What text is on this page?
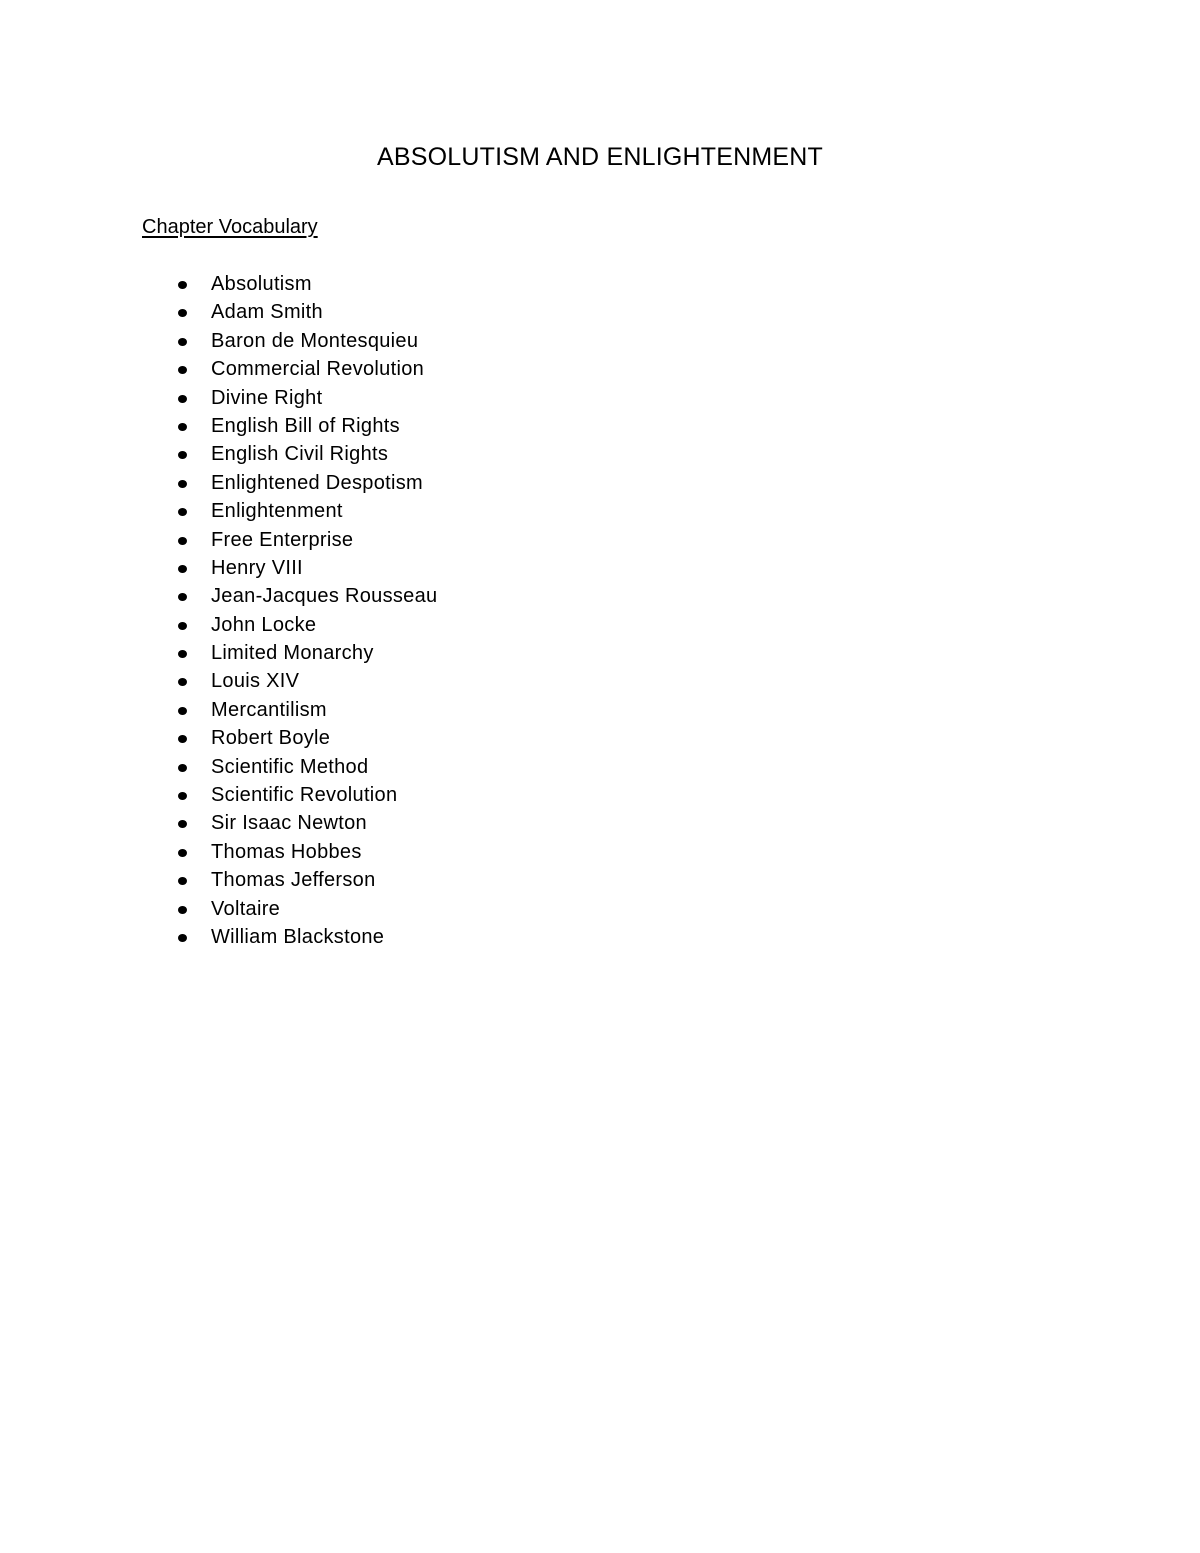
ABSOLUTISM AND ENLIGHTENMENT
Chapter Vocabulary
Absolutism
Adam Smith
Baron de Montesquieu
Commercial Revolution
Divine Right
English Bill of Rights
English Civil Rights
Enlightened Despotism
Enlightenment
Free Enterprise
Henry VIII
Jean-Jacques Rousseau
John Locke
Limited Monarchy
Louis XIV
Mercantilism
Robert Boyle
Scientific Method
Scientific Revolution
Sir Isaac Newton
Thomas Hobbes
Thomas Jefferson
Voltaire
William Blackstone
